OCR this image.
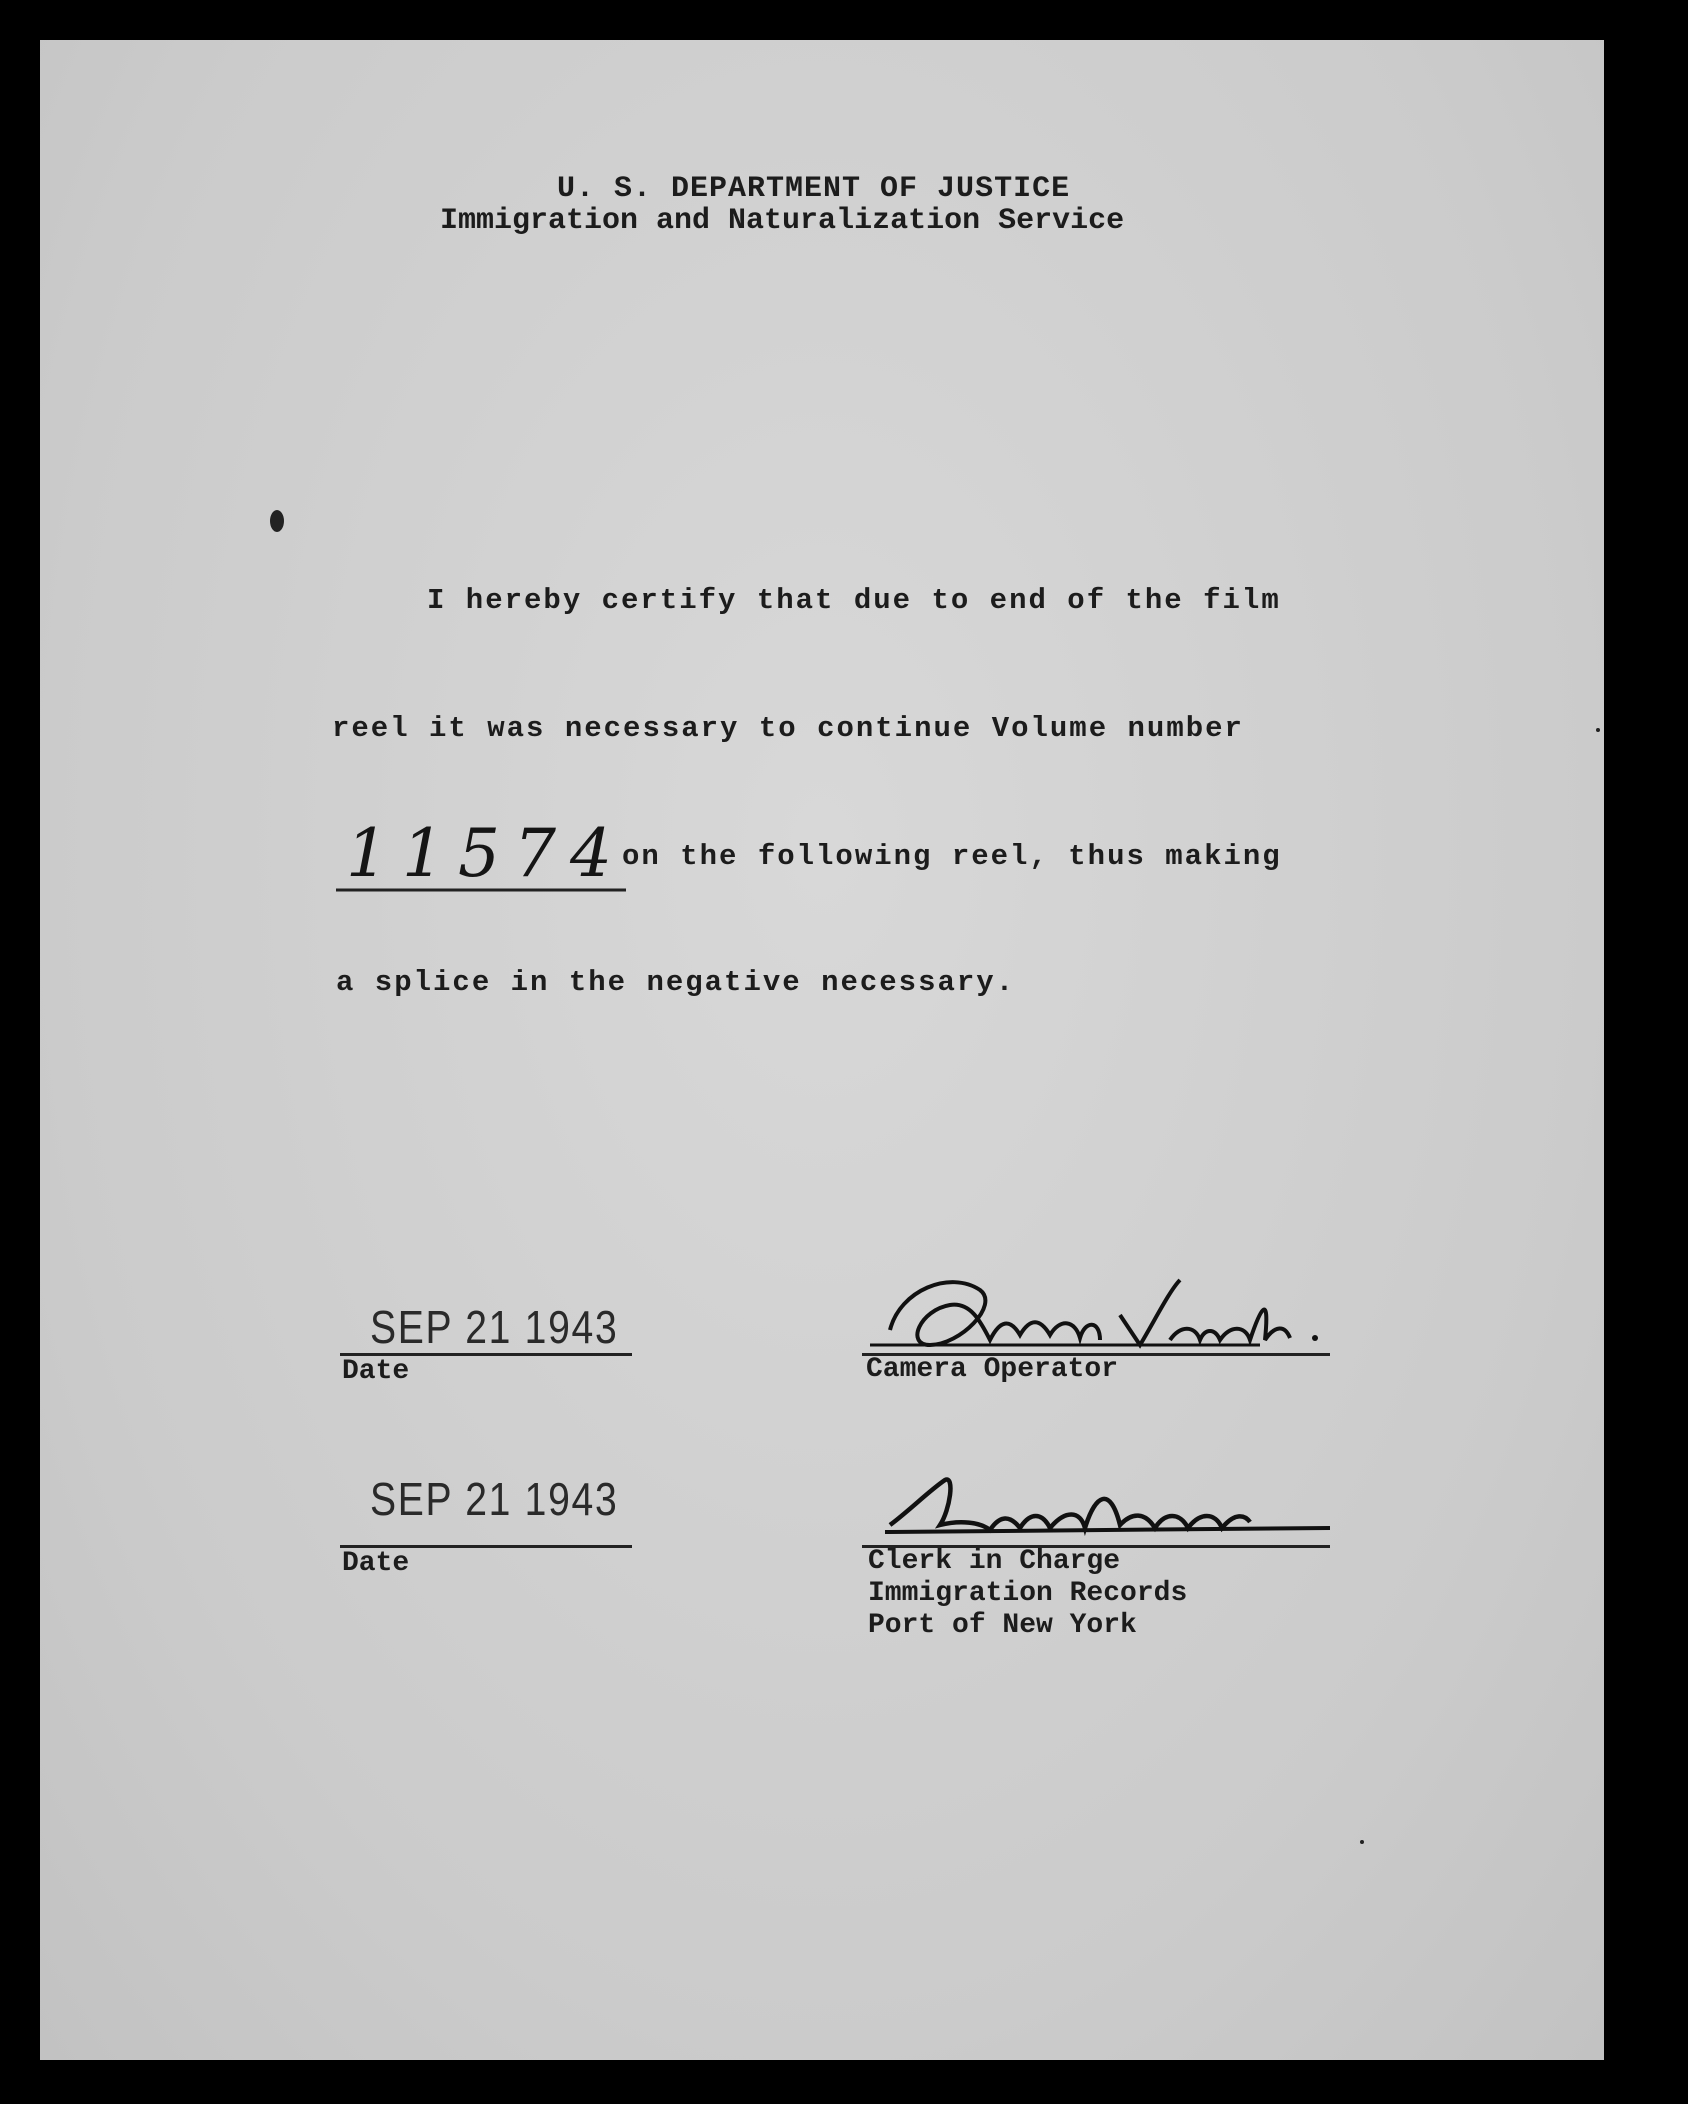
U. S. DEPARTMENT OF JUSTICE
Immigration and Naturalization Service
I hereby certify that due to end of the film
reel it was necessary to continue Volume number
11574
on the following reel, thus making
a splice in the negative necessary.
SEP 21 1943
Date	Camera Operator
SEP 21 1943
Date	Clerk in Charge
Immigration Records
Port of New York
